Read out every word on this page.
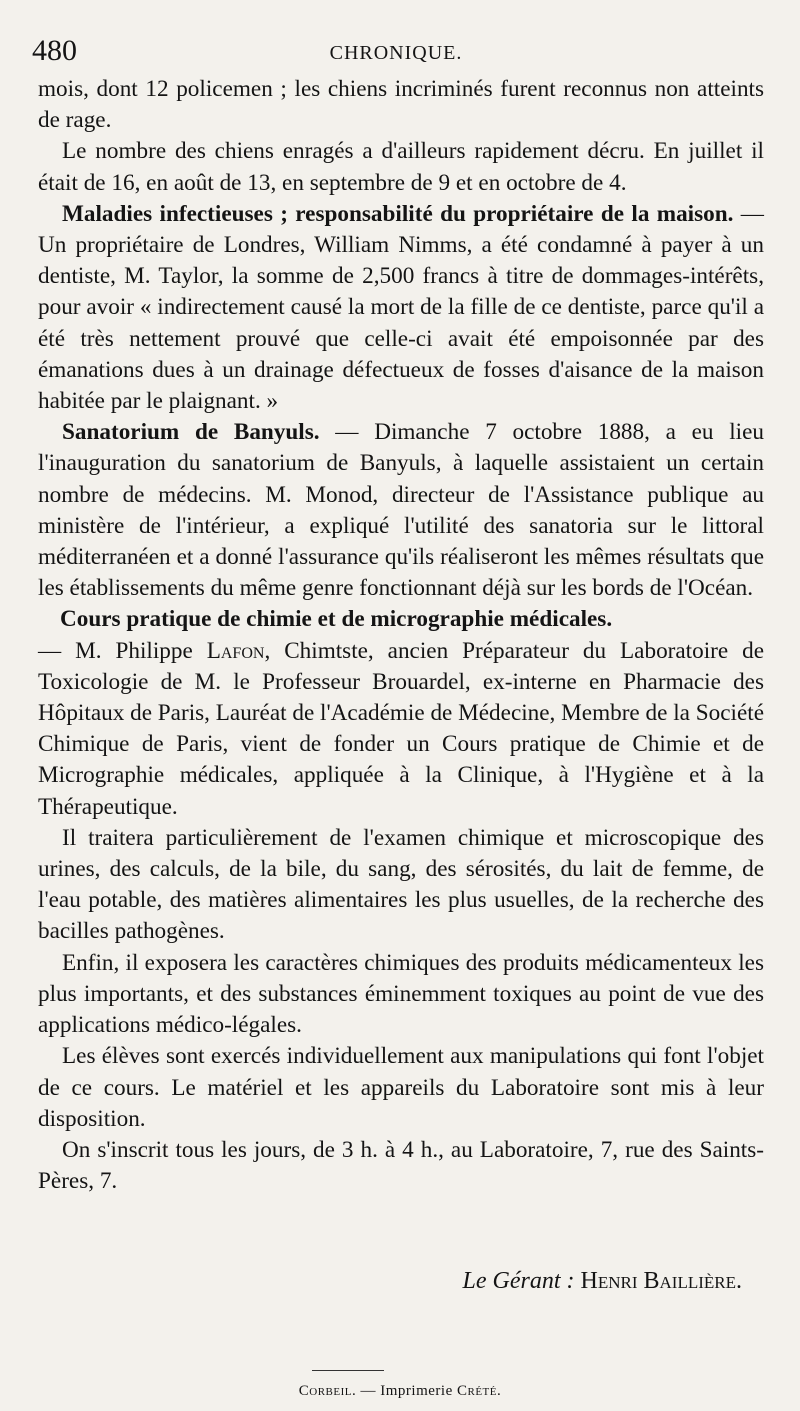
480	CHRONIQUE.

mois, dont 12 policemen ; les chiens incriminés furent reconnus non atteints de rage.

Le nombre des chiens enragés a d'ailleurs rapidement décru. En juillet il était de 16, en août de 13, en septembre de 9 et en octobre de 4.

Maladies infectieuses ; responsabilité du propriétaire de la maison. — Un propriétaire de Londres, William Nimms, a été condamné à payer à un dentiste, M. Taylor, la somme de 2,500 francs à titre de dommages-intérêts, pour avoir « indirectement causé la mort de la fille de ce dentiste, parce qu'il a été très nettement prouvé que celle-ci avait été empoisonnée par des émanations dues à un drainage défectueux de fosses d'aisance de la maison habitée par le plaignant. »

Sanatorium de Banyuls. — Dimanche 7 octobre 1888, a eu lieu l'inauguration du sanatorium de Banyuls, à laquelle assistaient un certain nombre de médecins. M. Monod, directeur de l'Assistance publique au ministère de l'intérieur, a expliqué l'utilité des sanatoria sur le littoral méditerranéen et a donné l'assurance qu'ils réaliseront les mêmes résultats que les établissements du même genre fonctionnant déjà sur les bords de l'Océan.

Cours pratique de chimie et de micrographie médicales.
— M. Philippe Lafon, Chimtste, ancien Préparateur du Laboratoire de Toxicologie de M. le Professeur Brouardel, ex-interne en Pharmacie des Hôpitaux de Paris, Lauréat de l'Académie de Médecine, Membre de la Société Chimique de Paris, vient de fonder un Cours pratique de Chimie et de Micrographie médicales, appliquée à la Clinique, à l'Hygiène et à la Thérapeutique.

Il traitera particulièrement de l'examen chimique et microscopique des urines, des calculs, de la bile, du sang, des sérosités, du lait de femme, de l'eau potable, des matières alimentaires les plus usuelles, de la recherche des bacilles pathogènes.

Enfin, il exposera les caractères chimiques des produits médicamenteux les plus importants, et des substances éminemment toxiques au point de vue des applications médico-légales.

Les élèves sont exercés individuellement aux manipulations qui font l'objet de ce cours. Le matériel et les appareils du Laboratoire sont mis à leur disposition.

On s'inscrit tous les jours, de 3 h. à 4 h., au Laboratoire, 7, rue des Saints-Pères, 7.

Le Gérant : Henri Baillière.
Corbeil. — Imprimerie Crété.
